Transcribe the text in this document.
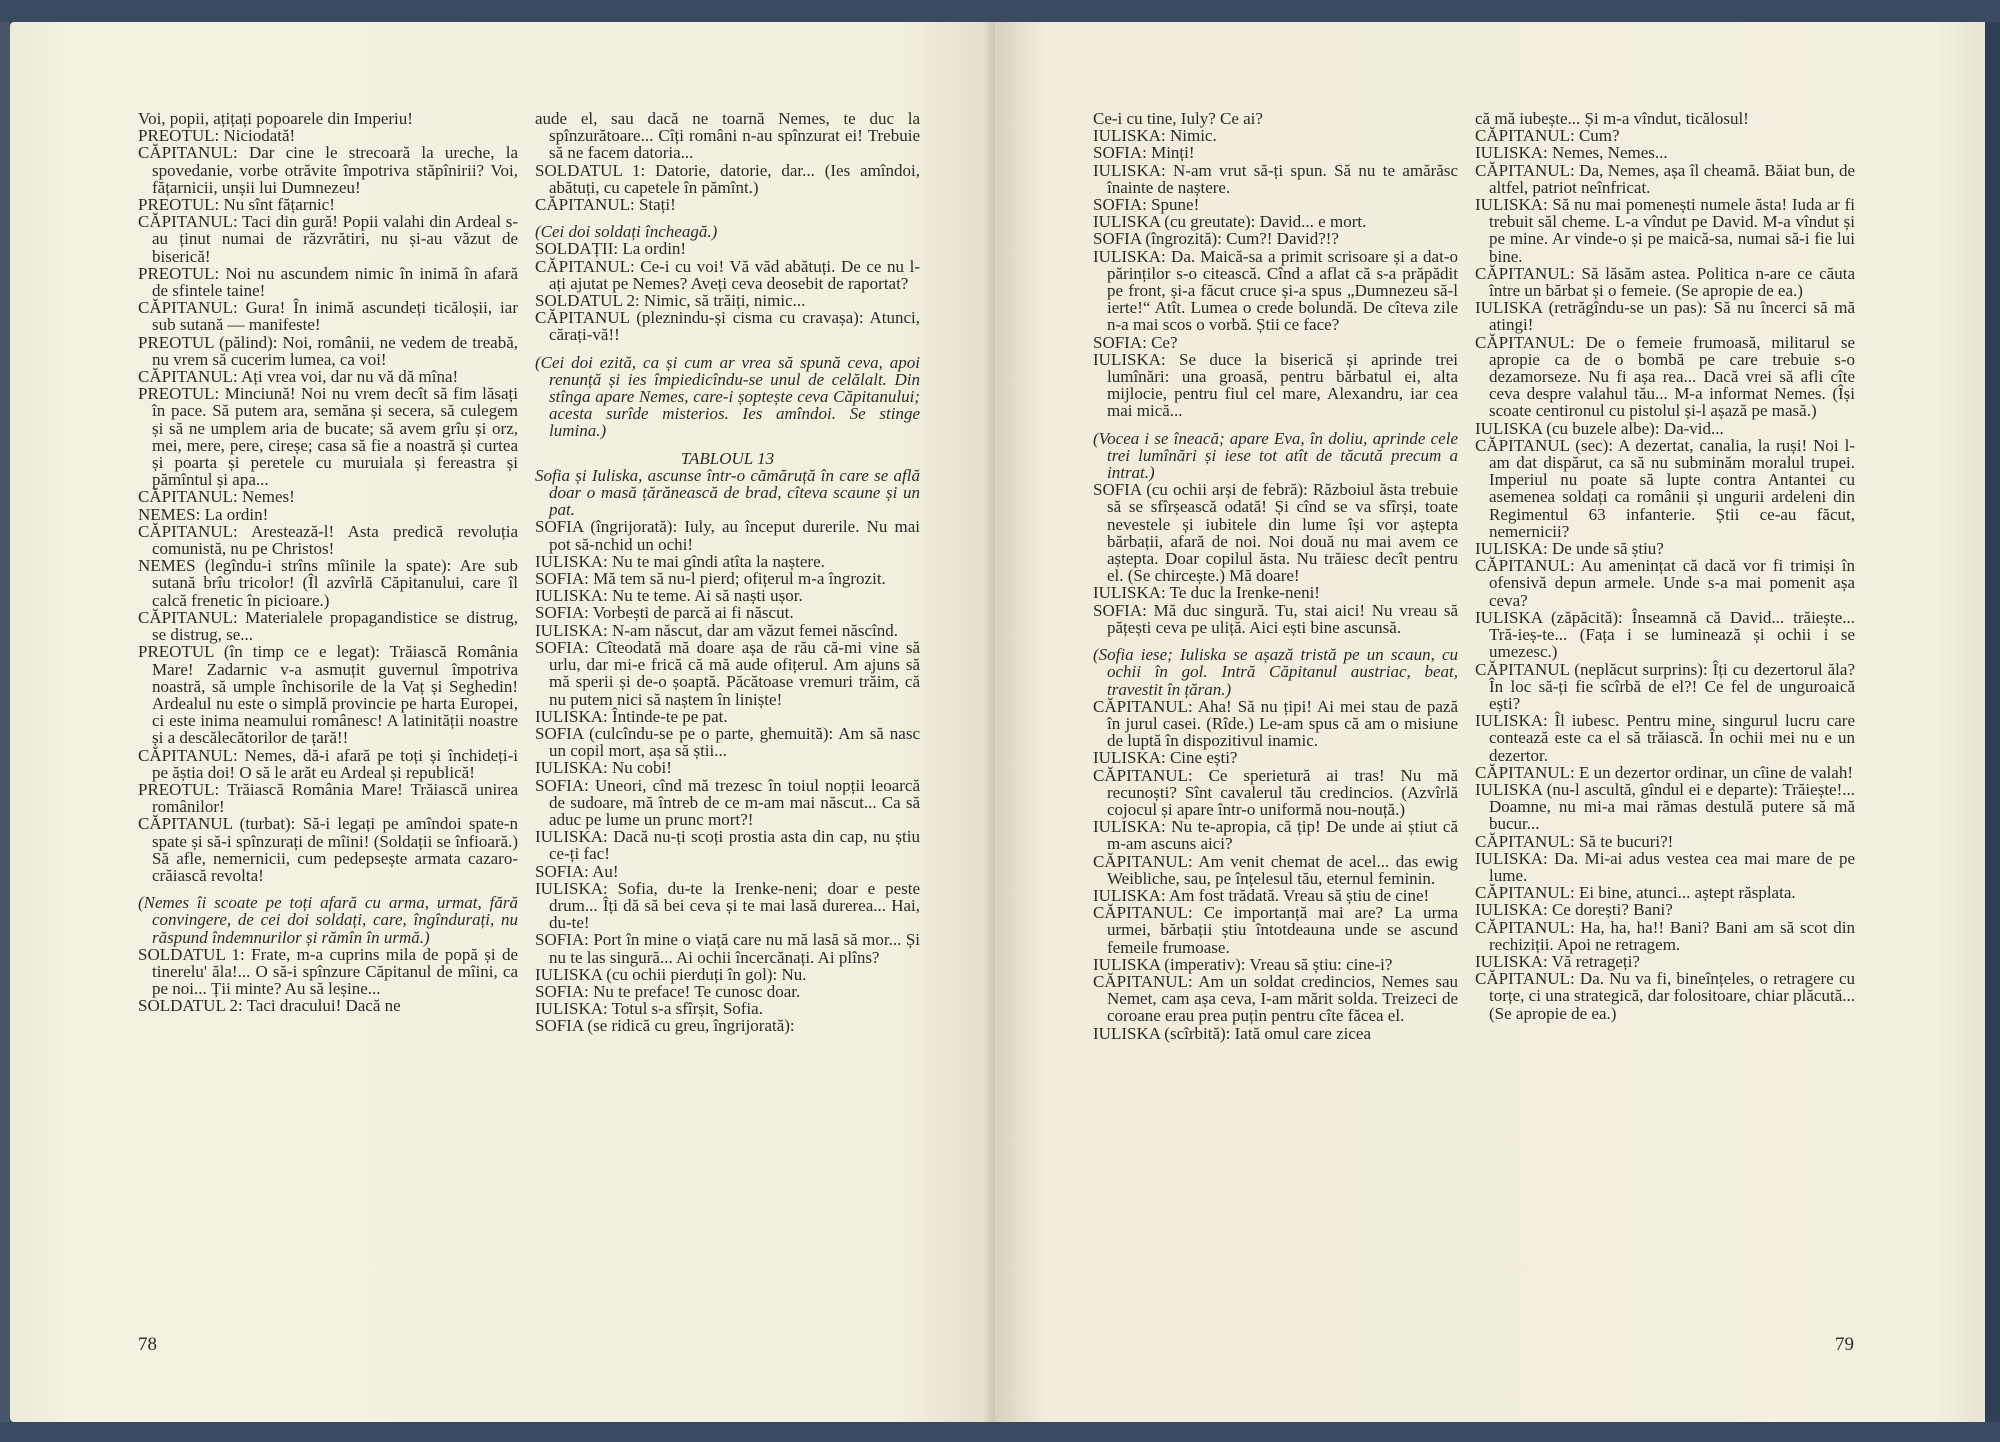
Voi, popii, ațițați popoarele din Imperiu!

PREOTUL: Niciodată!

CĂPITANUL: Dar cine le strecoară la ureche, la spovedanie, vorbe otrăvite împotriva stăpînirii? Voi, fățarnicii, unșii lui Dumnezeu!

PREOTUL: Nu sînt fățarnic!

CĂPITANUL: Taci din gură! Popii valahi din Ardeal s-au ținut numai de răzvrătiri, nu și-au văzut de biserică!

PREOTUL: Noi nu ascundem nimic în inimă în afară de sfintele taine!

CĂPITANUL: Gura! În inimă ascundeți ticăloșii, iar sub sutană — manifeste!

PREOTUL (pălind): Noi, românii, ne vedem de treabă, nu vrem să cucerim lumea, ca voi!

CĂPITANUL: Ați vrea voi, dar nu vă dă mîna!

PREOTUL: Minciună! Noi nu vrem decît să fim lăsați în pace. Să putem ara, semăna și secera, să culegem și să ne umplem aria de bucate; să avem grîu și orz, mei, mere, pere, cireșe; casa să fie a noastră și curtea și poarta și peretele cu muruiala și fereastra și pămîntul și apa...

CĂPITANUL: Nemes!

NEMES: La ordin!

CĂPITANUL: Arestează-l! Asta predică revoluția comunistă, nu pe Christos!

NEMES (legîndu-i strîns mîinile la spate): Are sub sutană brîu tricolor! (Îl azvîrlă Căpitanului, care îl calcă frenetic în picioare.)

CĂPITANUL: Materialele propagandistice se distrug, se distrug, se...

PREOTUL (în timp ce e legat): Trăiască România Mare! Zadarnic v-a asmuțit guvernul împotriva noastră, să umple închisorile de la Vaț și Seghedin! Ardealul nu este o simplă provincie pe harta Europei, ci este inima neamului românesc! A latinității noastre și a descălecătorilor de țară!!

CĂPITANUL: Nemes, dă-i afară pe toți și închideți-i pe ăștia doi! O să le arăt eu Ardeal și republică!

PREOTUL: Trăiască România Mare! Trăiască unirea românilor!

CĂPITANUL (turbat): Să-i legați pe amîndoi spate-n spate și să-i spînzurați de mîini! (Soldații se înfioară.) Să afle, nemernicii, cum pedepsește armata cazaro-crăiască revolta!

(Nemes îi scoate pe toți afară cu arma, urmat, fără convingere, de cei doi soldați, care, îngîndurați, nu răspund îndemnurilor și rămîn în urmă.)

SOLDATUL 1: Frate, m-a cuprins mila de popă și de tinerelu' ăla!... O să-i spînzure Căpitanul de mîini, ca pe noi... Ții minte? Au să leșine...

SOLDATUL 2: Taci dracului! Dacă ne

aude el, sau dacă ne toarnă Nemes, te duc la spînzurătoare... Cîți români n-au spînzurat ei! Trebuie să ne facem datoria...

SOLDATUL 1: Datorie, datorie, dar... (Ies amîndoi, abătuți, cu capetele în pămînt.)

CĂPITANUL: Stați!

(Cei doi soldați încheagă.)

SOLDAȚII: La ordin!

CĂPITANUL: Ce-i cu voi! Vă văd abătuți. De ce nu l-ați ajutat pe Nemes? Aveți ceva deosebit de raportat?

SOLDATUL 2: Nimic, să trăiți, nimic...

CĂPITANUL (pleznindu-și cisma cu cravașa): Atunci, cărați-vă!!

(Cei doi ezită, ca și cum ar vrea să spună ceva, apoi renunță și ies împiedicîndu-se unul de celălalt. Din stînga apare Nemes, care-i șoptește ceva Căpitanului; acesta surîde misterios. Ies amîndoi. Se stinge lumina.)

TABLOUL 13

Sofia și Iuliska, ascunse într-o cămăruță în care se află doar o masă țărănească de brad, cîteva scaune și un pat.

SOFIA (îngrijorată): Iuly, au început durerile. Nu mai pot să-nchid un ochi!

IULISKA: Nu te mai gîndi atîta la naștere.

SOFIA: Mă tem să nu-l pierd; ofițerul m-a îngrozit.

IULISKA: Nu te teme. Ai să naști ușor.

SOFIA: Vorbești de parcă ai fi născut.

IULISKA: N-am născut, dar am văzut femei născînd.

SOFIA: Cîteodată mă doare așa de rău că-mi vine să urlu, dar mi-e frică că mă aude ofițerul. Am ajuns să mă sperii și de-o șoaptă. Păcătoase vremuri trăim, că nu putem nici să naștem în liniște!

IULISKA: Întinde-te pe pat.

SOFIA (culcîndu-se pe o parte, ghemuită): Am să nasc un copil mort, așa să știi...

IULISKA: Nu cobi!

SOFIA: Uneori, cînd mă trezesc în toiul nopții leoarcă de sudoare, mă întreb de ce m-am mai născut... Ca să aduc pe lume un prunc mort?!

IULISKA: Dacă nu-ți scoți prostia asta din cap, nu știu ce-ți fac!

SOFIA: Au!

IULISKA: Sofia, du-te la Irenke-neni; doar e peste drum... Îți dă să bei ceva și te mai lasă durerea... Hai, du-te!

SOFIA: Port în mine o viață care nu mă lasă să mor... Și nu te las singură... Ai ochii încercănați. Ai plîns?

IULISKA (cu ochii pierduți în gol): Nu.

SOFIA: Nu te preface! Te cunosc doar.

IULISKA: Totul s-a sfîrșit, Sofia.

SOFIA (se ridică cu greu, îngrijorată):

78

Ce-i cu tine, Iuly? Ce ai?

IULISKA: Nimic.

SOFIA: Minți!

IULISKA: N-am vrut să-ți spun. Să nu te amărăsc înainte de naștere.

SOFIA: Spune!

IULISKA (cu greutate): David... e mort.

SOFIA (îngrozită): Cum?! David?!?

IULISKA: Da. Maică-sa a primit scrisoare și a dat-o părinților s-o citească. Cînd a aflat că s-a prăpădit pe front, și-a făcut cruce și-a spus „Dumnezeu să-l ierte!“ Atît. Lumea o crede bolundă. De cîteva zile n-a mai scos o vorbă. Știi ce face?

SOFIA: Ce?

IULISKA: Se duce la biserică și aprinde trei lumînări: una groasă, pentru bărbatul ei, alta mijlocie, pentru fiul cel mare, Alexandru, iar cea mai mică...

(Vocea i se îneacă; apare Eva, în doliu, aprinde cele trei lumînări și iese tot atît de tăcută precum a intrat.)

SOFIA (cu ochii arși de febră): Războiul ăsta trebuie să se sfîrșească odată! Și cînd se va sfîrși, toate nevestele și iubitele din lume își vor aștepta bărbații, afară de noi. Noi două nu mai avem ce aștepta. Doar copilul ăsta. Nu trăiesc decît pentru el. (Se chircește.) Mă doare!

IULISKA: Te duc la Irenke-neni!

SOFIA: Mă duc singură. Tu, stai aici! Nu vreau să pățești ceva pe uliță. Aici ești bine ascunsă.

(Sofia iese; Iuliska se așază tristă pe un scaun, cu ochii în gol. Intră Căpitanul austriac, beat, travestit în țăran.)

CĂPITANUL: Aha! Să nu țipi! Ai mei stau de pază în jurul casei. (Rîde.) Le-am spus că am o misiune de luptă în dispozitivul inamic.

IULISKA: Cine ești?

CĂPITANUL: Ce sperietură ai tras! Nu mă recunoști? Sînt cavalerul tău credincios. (Azvîrlă cojocul și apare într-o uniformă nou-nouță.)

IULISKA: Nu te-apropia, că țip! De unde ai știut că m-am ascuns aici?

CĂPITANUL: Am venit chemat de acel... das ewig Weibliche, sau, pe înțelesul tău, eternul feminin.

IULISKA: Am fost trădată. Vreau să știu de cine!

CĂPITANUL: Ce importanță mai are? La urma urmei, bărbații știu întotdeauna unde se ascund femeile frumoase.

IULISKA (imperativ): Vreau să știu: cine-i?

CĂPITANUL: Am un soldat credincios, Nemes sau Nemet, cam așa ceva, I-am mărit solda. Treizeci de coroane erau prea puțin pentru cîte făcea el.

IULISKA (scîrbită): Iată omul care zicea

că mă iubește... Și m-a vîndut, ticălosul!

CĂPITANUL: Cum?

IULISKA: Nemes, Nemes...

CĂPITANUL: Da, Nemes, așa îl cheamă. Băiat bun, de altfel, patriot neînfricat.

IULISKA: Să nu mai pomenești numele ăsta! Iuda ar fi trebuit săl cheme. L-a vîndut pe David. M-a vîndut și pe mine. Ar vinde-o și pe maică-sa, numai să-i fie lui bine.

CĂPITANUL: Să lăsăm astea. Politica n-are ce căuta între un bărbat și o femeie. (Se apropie de ea.)

IULISKA (retrăgîndu-se un pas): Să nu încerci să mă atingi!

CĂPITANUL: De o femeie frumoasă, militarul se apropie ca de o bombă pe care trebuie s-o dezamorseze. Nu fi așa rea... Dacă vrei să afli cîte ceva despre valahul tău... M-a informat Nemes. (Își scoate centironul cu pistolul și-l așază pe masă.)

IULISKA (cu buzele albe): Da-vid...

CĂPITANUL (sec): A dezertat, canalia, la ruși! Noi l-am dat dispărut, ca să nu subminăm moralul trupei. Imperiul nu poate să lupte contra Antantei cu asemenea soldați ca românii și ungurii ardeleni din Regimentul 63 infanterie. Știi ce-au făcut, nemernicii?

IULISKA: De unde să știu?

CĂPITANUL: Au amenințat că dacă vor fi trimiși în ofensivă depun armele. Unde s-a mai pomenit așa ceva?

IULISKA (zăpăcită): Înseamnă că David... trăiește... Tră-ieș-te... (Fața i se luminează și ochii i se umezesc.)

CĂPITANUL (neplăcut surprins): Îți cu dezertorul ăla? În loc să-ți fie scîrbă de el?! Ce fel de unguroaică ești?

IULISKA: Îl iubesc. Pentru mine, singurul lucru care contează este ca el să trăiască. În ochii mei nu e un dezertor.

CĂPITANUL: E un dezertor ordinar, un cîine de valah!

IULISKA (nu-l ascultă, gîndul ei e departe): Trăiește!... Doamne, nu mi-a mai rămas destulă putere să mă bucur...

CĂPITANUL: Să te bucuri?!

IULISKA: Da. Mi-ai adus vestea cea mai mare de pe lume.

CĂPITANUL: Ei bine, atunci... aștept răsplata.

IULISKA: Ce dorești? Bani?

CĂPITANUL: Ha, ha, ha!! Bani? Bani am să scot din rechiziții. Apoi ne retragem.

IULISKA: Vă retrageți?

CĂPITANUL: Da. Nu va fi, bineînțeles, o retragere cu torțe, ci una strategică, dar folositoare, chiar plăcută... (Se apropie de ea.)

79
